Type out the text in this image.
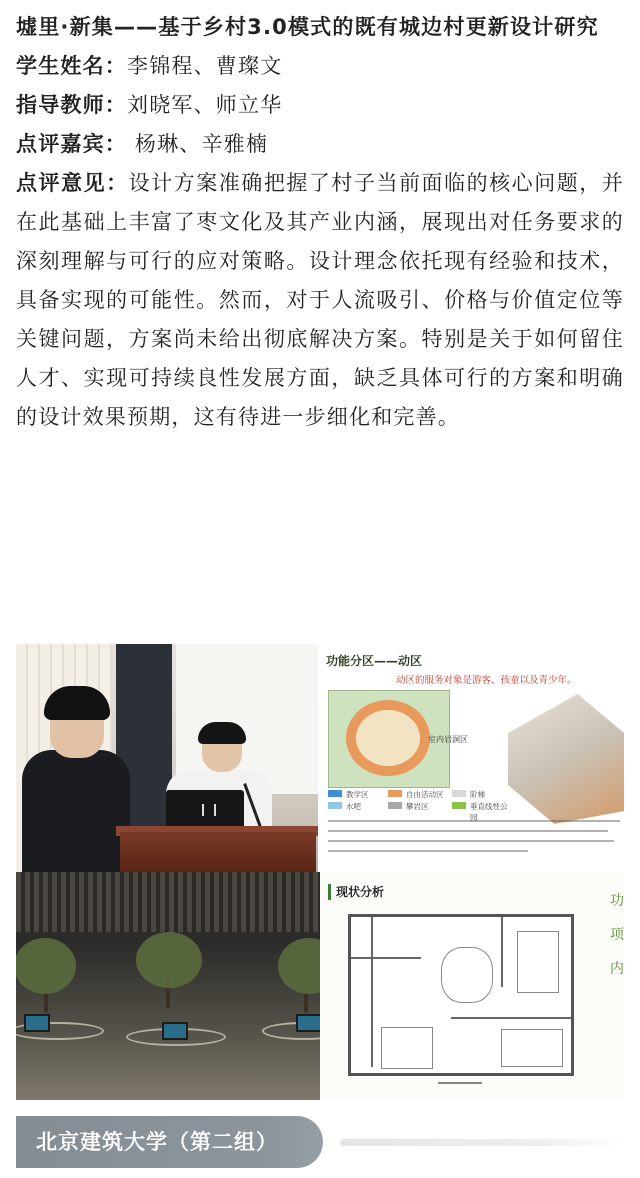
墟里·新集——基于乡村3.0模式的既有城边村更新设计研究

学生姓名：李锦程、曹璨文

指导教师：刘晓军、师立华

点评嘉宾： 杨琳、辛雅楠

点评意见：设计方案准确把握了村子当前面临的核心问题，并在此基础上丰富了枣文化及其产业内涵，展现出对任务要求的深刻理解与可行的应对策略。设计理念依托现有经验和技术，具备实现的可能性。然而，对于人流吸引、价格与价值定位等关键问题，方案尚未给出彻底解决方案。特别是关于如何留住人才、实现可持续良性发展方面，缺乏具体可行的方案和明确的设计效果预期，这有待进一步细化和完善。

功能分区——动区
动区的服务对象是游客、孩童以及青少年。
室内岩洞区
教学区	自由活动区	阶梯
水吧	攀岩区	垂直线性公园
现状分析
功
项
内
北京建筑大学（第二组）
